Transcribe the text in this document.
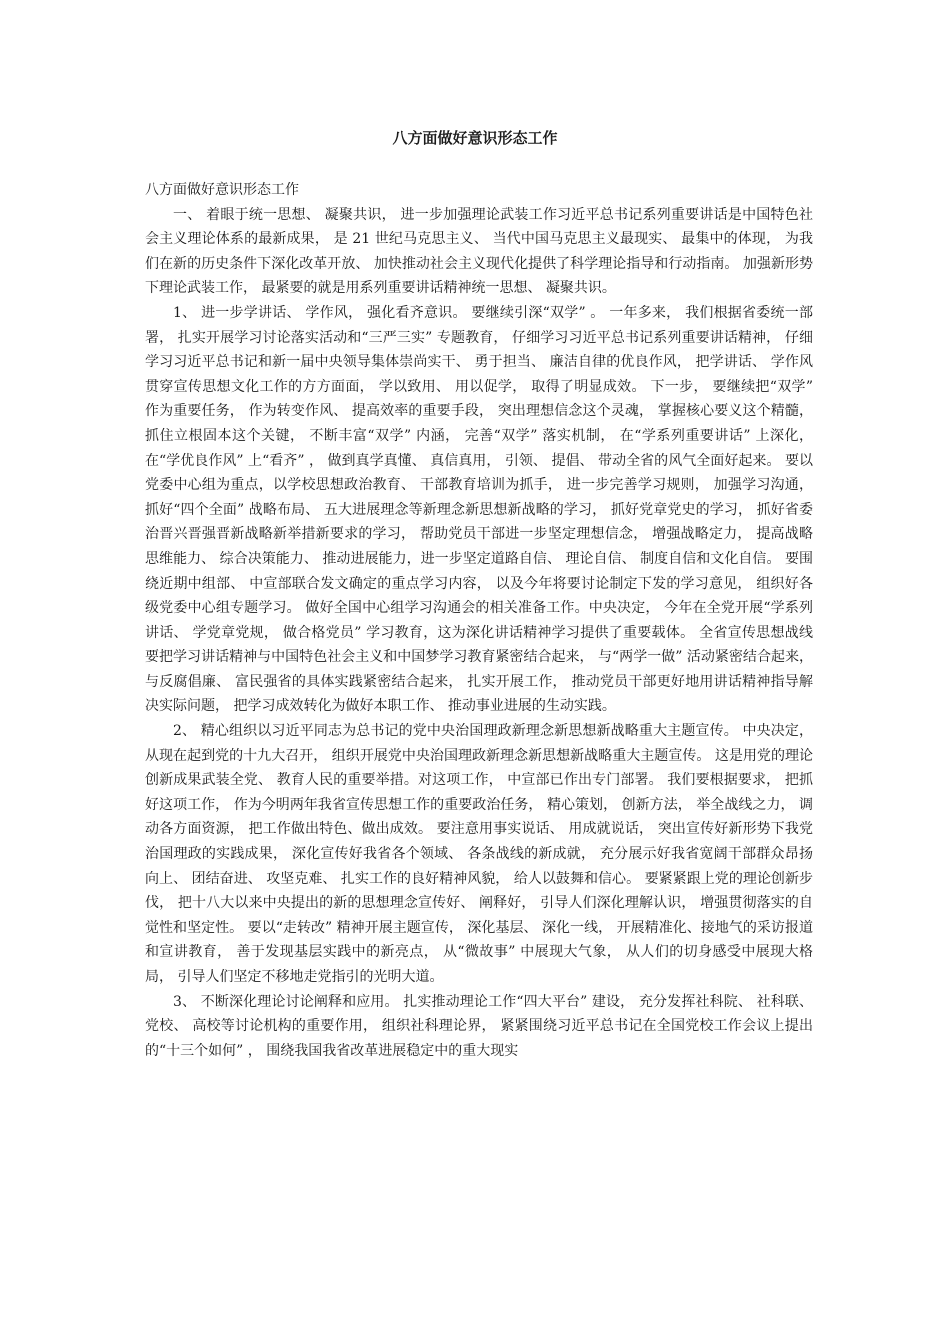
八方面做好意识形态工作

八方面做好意识形态工作

一、 着眼于统一思想、 凝聚共识， 进一步加强理论武装工作习近平总书记系列重要讲话是中国特色社会主义理论体系的最新成果， 是 21 世纪马克思主义、 当代中国马克思主义最现实、 最集中的体现， 为我们在新的历史条件下深化改革开放、 加快推动社会主义现代化提供了科学理论指导和行动指南。 加强新形势下理论武装工作， 最紧要的就是用系列重要讲话精神统一思想、 凝聚共识。

1、 进一步学讲话、 学作风， 强化看齐意识。 要继续引深“双学” 。 一年多来， 我们根据省委统一部署， 扎实开展学习讨论落实活动和“三严三实” 专题教育， 仔细学习习近平总书记系列重要讲话精神， 仔细学习习近平总书记和新一届中央领导集体崇尚实干、 勇于担当、 廉洁自律的优良作风， 把学讲话、 学作风贯穿宣传思想文化工作的方方面面， 学以致用、 用以促学， 取得了明显成效。 下一步， 要继续把“双学” 作为重要任务， 作为转变作风、 提高效率的重要手段， 突出理想信念这个灵魂， 掌握核心要义这个精髓， 抓住立根固本这个关键， 不断丰富“双学” 内涵， 完善“双学” 落实机制， 在“学系列重要讲话” 上深化， 在“学优良作风” 上“看齐” ， 做到真学真懂、 真信真用， 引领、 提倡、 带动全省的风气全面好起来。 要以党委中心组为重点，以学校思想政治教育、 干部教育培训为抓手， 进一步完善学习规则， 加强学习沟通，抓好“四个全面” 战略布局、 五大进展理念等新理念新思想新战略的学习， 抓好党章党史的学习， 抓好省委治晋兴晋强晋新战略新举措新要求的学习， 帮助党员干部进一步坚定理想信念， 增强战略定力， 提高战略思维能力、 综合决策能力、 推动进展能力，进一步坚定道路自信、 理论自信、 制度自信和文化自信。 要围绕近期中组部、 中宣部联合发文确定的重点学习内容， 以及今年将要讨论制定下发的学习意见， 组织好各级党委中心组专题学习。 做好全国中心组学习沟通会的相关准备工作。中央决定， 今年在全党开展“学系列讲话、 学党章党规， 做合格党员” 学习教育，这为深化讲话精神学习提供了重要载体。 全省宣传思想战线要把学习讲话精神与中国特色社会主义和中国梦学习教育紧密结合起来， 与“两学一做” 活动紧密结合起来，与反腐倡廉、 富民强省的具体实践紧密结合起来， 扎实开展工作， 推动党员干部更好地用讲话精神指导解决实际问题， 把学习成效转化为做好本职工作、 推动事业进展的生动实践。

2、 精心组织以习近平同志为总书记的党中央治国理政新理念新思想新战略重大主题宣传。 中央决定， 从现在起到党的十九大召开， 组织开展党中央治国理政新理念新思想新战略重大主题宣传。 这是用党的理论创新成果武装全党、 教育人民的重要举措。对这项工作， 中宣部已作出专门部署。 我们要根据要求， 把抓好这项工作， 作为今明两年我省宣传思想工作的重要政治任务， 精心策划， 创新方法， 举全战线之力， 调动各方面资源， 把工作做出特色、做出成效。 要注意用事实说话、 用成就说话， 突出宣传好新形势下我党治国理政的实践成果， 深化宣传好我省各个领域、 各条战线的新成就， 充分展示好我省宽阔干部群众昂扬向上、 团结奋进、 攻坚克难、 扎实工作的良好精神风貌， 给人以鼓舞和信心。 要紧紧跟上党的理论创新步伐， 把十八大以来中央提出的新的思想理念宣传好、 阐释好， 引导人们深化理解认识， 增强贯彻落实的自觉性和坚定性。 要以“走转改” 精神开展主题宣传， 深化基层、 深化一线， 开展精准化、接地气的采访报道和宣讲教育， 善于发现基层实践中的新亮点， 从“微故事” 中展现大气象， 从人们的切身感受中展现大格局， 引导人们坚定不移地走党指引的光明大道。

3、 不断深化理论讨论阐释和应用。 扎实推动理论工作“四大平台” 建设， 充分发挥社科院、 社科联、 党校、 高校等讨论机构的重要作用， 组织社科理论界， 紧紧围绕习近平总书记在全国党校工作会议上提出的“十三个如何” ， 围绕我国我省改革进展稳定中的重大现实
